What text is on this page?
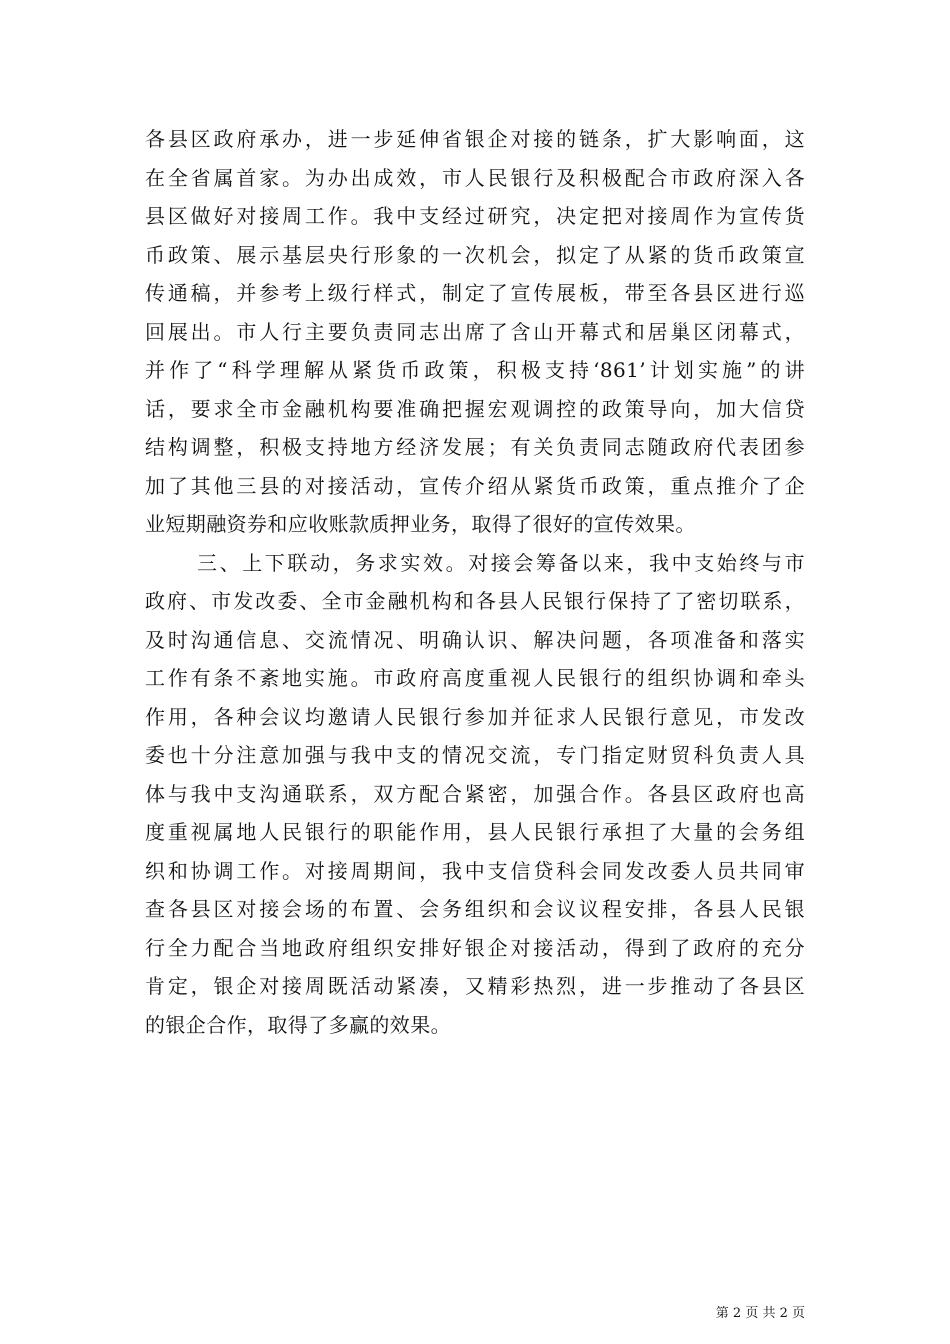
各县区政府承办，进一步延伸省银企对接的链条，扩大影响面，这
在全省属首家。为办出成效，市人民银行及积极配合市政府深入各
县区做好对接周工作。我中支经过研究，决定把对接周作为宣传货
币政策、展示基层央行形象的一次机会，拟定了从紧的货币政策宣
传通稿，并参考上级行样式，制定了宣传展板，带至各县区进行巡
回展出。市人行主要负责同志出席了含山开幕式和居巢区闭幕式，
并作了“科学理解从紧货币政策，积极支持‘861’计划实施”的讲
话，要求全市金融机构要准确把握宏观调控的政策导向，加大信贷
结构调整，积极支持地方经济发展；有关负责同志随政府代表团参
加了其他三县的对接活动，宣传介绍从紧货币政策，重点推介了企
业短期融资券和应收账款质押业务，取得了很好的宣传效果。
三、上下联动，务求实效。对接会筹备以来，我中支始终与市
政府、市发改委、全市金融机构和各县人民银行保持了了密切联系，
及时沟通信息、交流情况、明确认识、解决问题，各项准备和落实
工作有条不紊地实施。市政府高度重视人民银行的组织协调和牵头
作用，各种会议均邀请人民银行参加并征求人民银行意见，市发改
委也十分注意加强与我中支的情况交流，专门指定财贸科负责人具
体与我中支沟通联系，双方配合紧密，加强合作。各县区政府也高
度重视属地人民银行的职能作用，县人民银行承担了大量的会务组
织和协调工作。对接周期间，我中支信贷科会同发改委人员共同审
查各县区对接会场的布置、会务组织和会议议程安排，各县人民银
行全力配合当地政府组织安排好银企对接活动，得到了政府的充分
肯定，银企对接周既活动紧凑，又精彩热烈，进一步推动了各县区
的银企合作，取得了多赢的效果。
第 2 页 共 2 页
